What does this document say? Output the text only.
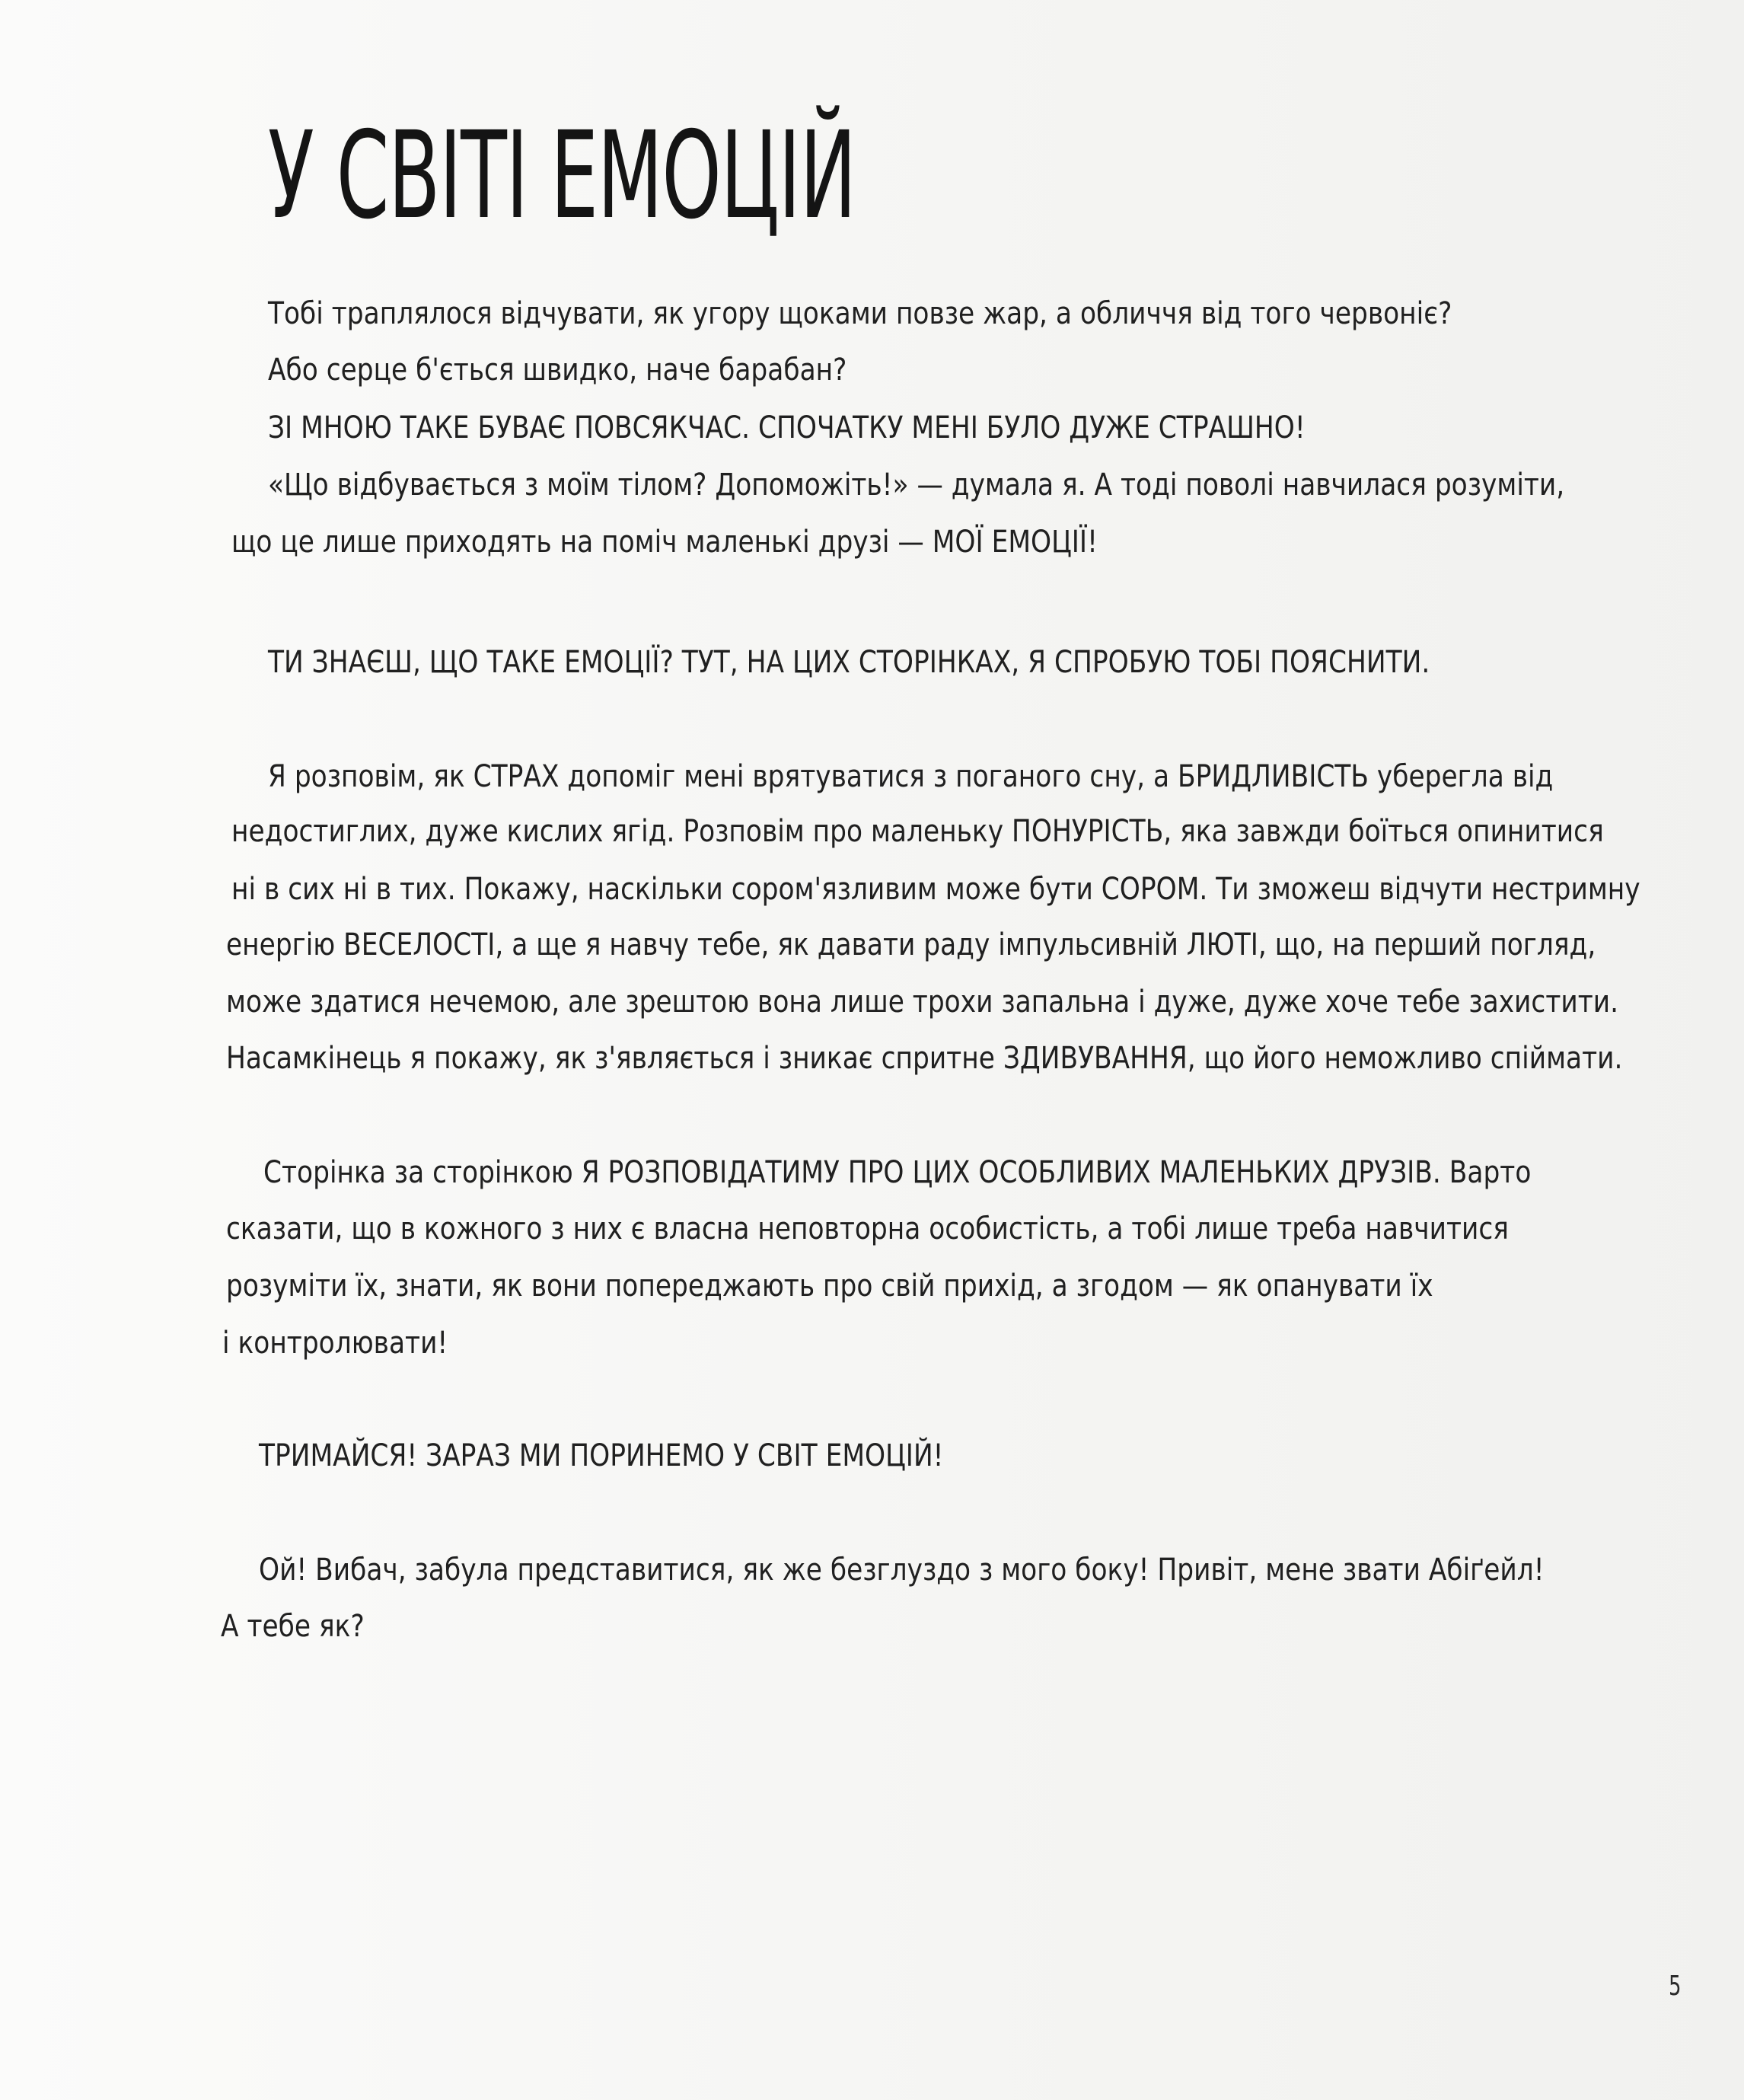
У СВІТІ ЕМОЦІЙ

Тобі траплялося відчувати, як угору щоками повзе жар, а обличчя від того червоніє?

Або серце б'ється швидко, наче барабан?

ЗІ МНОЮ ТАКЕ БУВАЄ ПОВСЯКЧАС. СПОЧАТКУ МЕНІ БУЛО ДУЖЕ СТРАШНО!

«Що відбувається з моїм тілом? Допоможіть!» — думала я. А тоді поволі навчилася розуміти,

що це лише приходять на поміч маленькі друзі — МОЇ ЕМОЦІЇ!

ТИ ЗНАЄШ, ЩО ТАКЕ ЕМОЦІЇ? ТУТ, НА ЦИХ СТОРІНКАХ, Я СПРОБУЮ ТОБІ ПОЯСНИТИ.

Я розповім, як СТРАХ допоміг мені врятуватися з поганого сну, а БРИДЛИВІСТЬ уберегла від

недостиглих, дуже кислих ягід. Розповім про маленьку ПОНУРІСТЬ, яка завжди боїться опинитися

ні в сих ні в тих. Покажу, наскільки сором'язливим може бути СОРОМ. Ти зможеш відчути нестримну

енергію ВЕСЕЛОСТІ, а ще я навчу тебе, як давати раду імпульсивній ЛЮТІ, що, на перший погляд,

може здатися нечемою, але зрештою вона лише трохи запальна і дуже, дуже хоче тебе захистити.

Насамкінець я покажу, як з'являється і зникає спритне ЗДИВУВАННЯ, що його неможливо спіймати.

Сторінка за сторінкою Я РОЗПОВІДАТИМУ ПРО ЦИХ ОСОБЛИВИХ МАЛЕНЬКИХ ДРУЗІВ. Варто

сказати, що в кожного з них є власна неповторна особистість, а тобі лише треба навчитися

розуміти їх, знати, як вони попереджають про свій прихід, а згодом — як опанувати їх

і контролювати!

ТРИМАЙСЯ! ЗАРАЗ МИ ПОРИНЕМО У СВІТ ЕМОЦІЙ!

Ой! Вибач, забула представитися, як же безглуздо з мого боку! Привіт, мене звати Абіґейл!

А тебе як?

5
